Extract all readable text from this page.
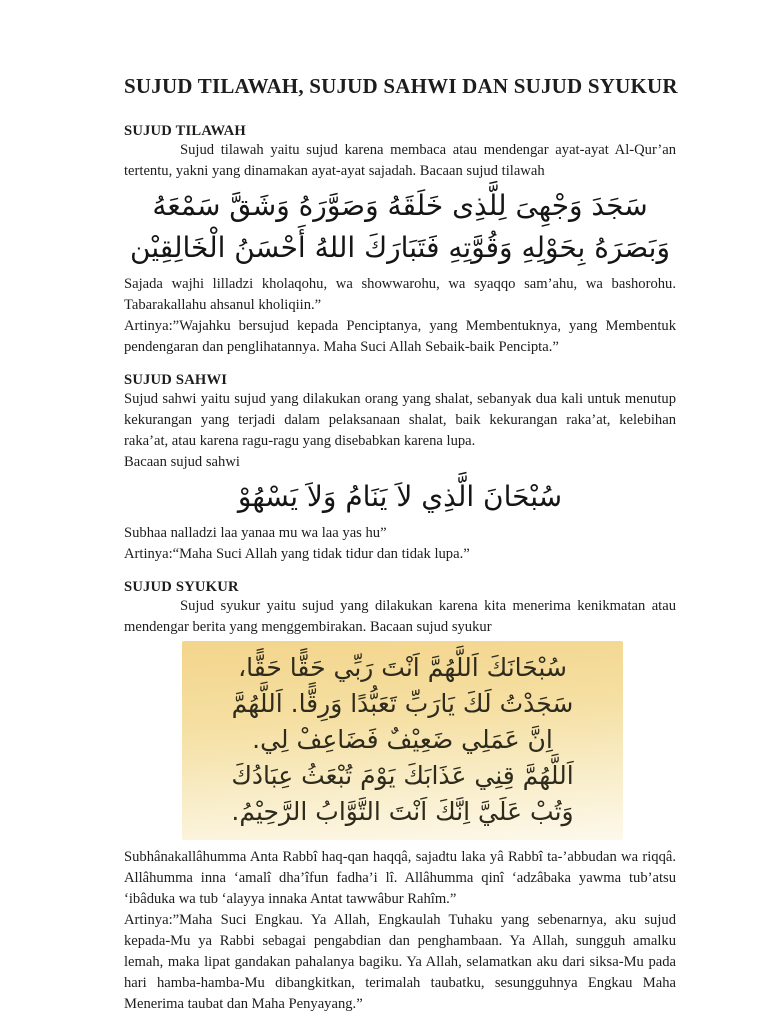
SUJUD TILAWAH, SUJUD SAHWI DAN SUJUD SYUKUR
SUJUD TILAWAH

Sujud tilawah yaitu sujud karena membaca atau mendengar ayat-ayat Al-Qur’an tertentu, yakni yang dinamakan ayat-ayat sajadah. Bacaan sujud tilawah

سَجَدَ وَجْهِىَ لِلَّذِى خَلَقَهُ وَصَوَّرَهُ وَشَقَّ سَمْعَهُ
وَبَصَرَهُ بِحَوْلِهِ وَقُوَّتِهِ فَتَبَارَكَ اللهُ أَحْسَنُ الْخَالِقِيْن

Sajada wajhi lilladzi kholaqohu, wa showwarohu, wa syaqqo sam’ahu, wa bashorohu. Tabarakallahu ahsanul kholiqiin.”

Artinya:”Wajahku bersujud kepada Penciptanya, yang Membentuknya, yang Membentuk pendengaran dan penglihatannya. Maha Suci Allah Sebaik-baik Pencipta.”

SUJUD SAHWI

Sujud sahwi yaitu sujud yang dilakukan orang yang shalat, sebanyak dua kali untuk menutup kekurangan yang terjadi dalam pelaksanaan shalat, baik kekurangan raka’at, kelebihan raka’at, atau karena ragu-ragu yang disebabkan karena lupa.

Bacaan sujud sahwi

سُبْحَانَ الَّذِي لاَ يَنَامُ وَلاَ يَسْهُوْ

Subhaa nalladzi laa yanaa mu wa laa yas hu”

Artinya:“Maha Suci Allah yang tidak tidur dan tidak lupa.”

SUJUD SYUKUR

Sujud syukur yaitu sujud yang dilakukan karena kita menerima kenikmatan atau mendengar berita yang menggembirakan. Bacaan sujud syukur

سُبْحَانَكَ اَللَّهُمَّ اَنْتَ رَبِّي حَقًّا حَقًّا،
سَجَدْتُ لَكَ يَارَبِّ تَعَبُّدًا وَرِقًّا. اَللَّهُمَّ
اِنَّ عَمَلِي ضَعِيْفٌ فَضَاعِفْ لِي.
اَللَّهُمَّ قِنِي عَذَابَكَ يَوْمَ تُبْعَثُ عِبَادُكَ
وَتُبْ عَلَيَّ اِنَّكَ اَنْتَ التَّوَّابُ الرَّحِيْمُ.

Subhânakallâhumma Anta Rabbî haq-qan haqqâ, sajadtu laka yâ Rabbî ta-’abbudan wa riqqâ. Allâhumma inna ‘amalî dha’îfun fadha’i lî. Allâhumma qinî ‘adzâbaka yawma tub’atsu ‘ibâduka wa tub ‘alayya innaka Antat tawwâbur Rahîm.”

Artinya:”Maha Suci Engkau. Ya Allah, Engkaulah Tuhaku yang sebenarnya, aku sujud kepada-Mu ya Rabbi sebagai pengabdian dan penghambaan. Ya Allah, sungguh amalku lemah, maka lipat gandakan pahalanya bagiku. Ya Allah, selamatkan aku dari siksa-Mu pada hari hamba-hamba-Mu dibangkitkan, terimalah taubatku, sesungguhnya Engkau Maha Menerima taubat dan Maha Penyayang.”
